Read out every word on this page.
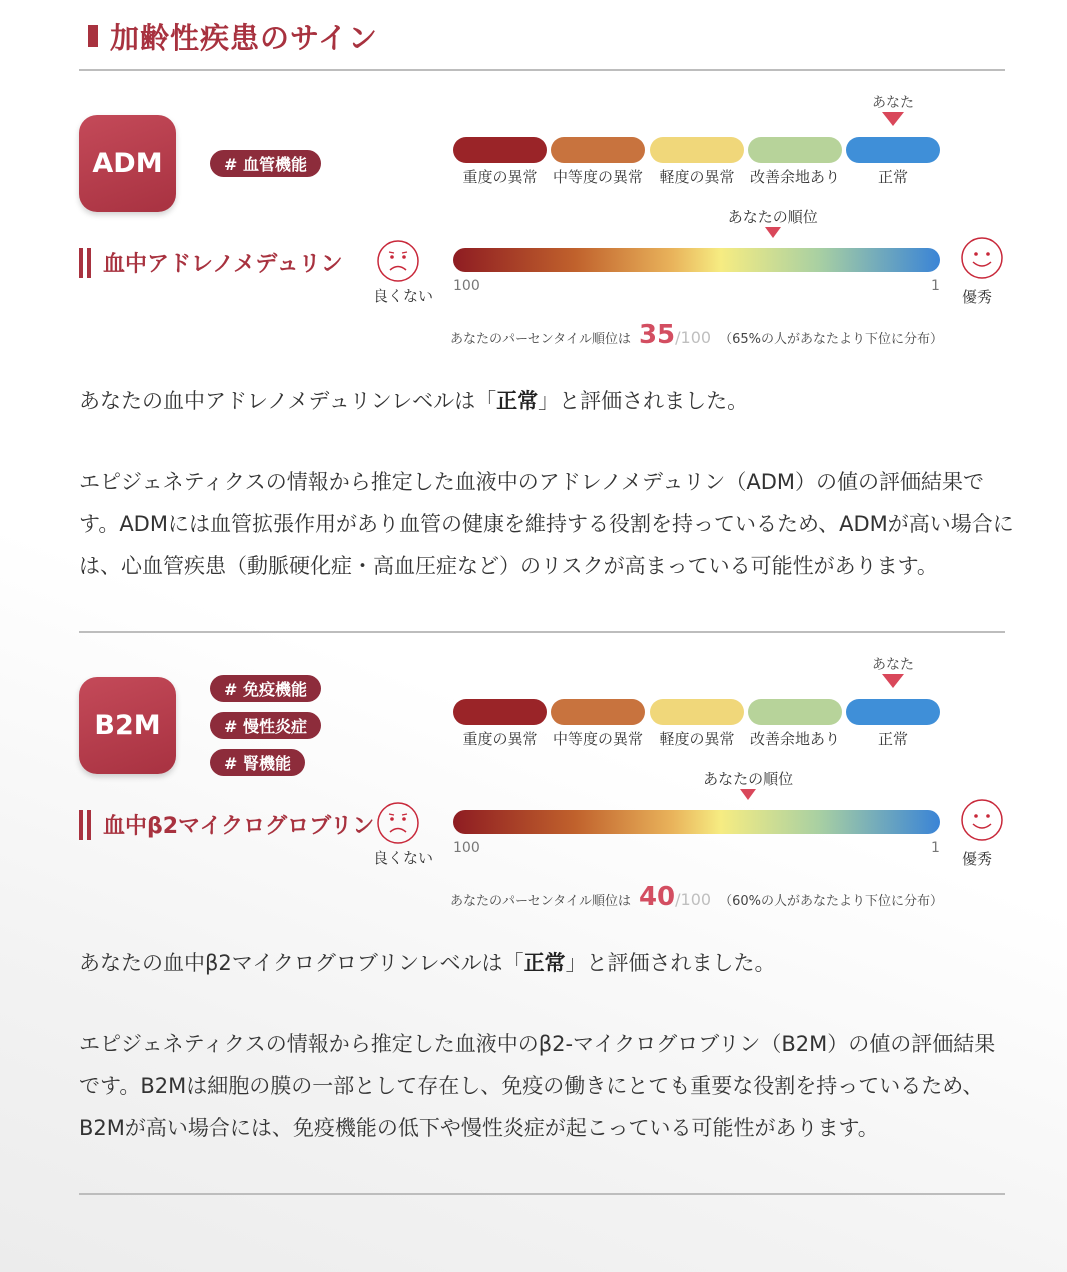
加齢性疾患のサイン
ADM	# 血管機能
血中アドレノメデュリン
あなた
重度の異常	中等度の異常	軽度の異常	改善余地あり	正常
あなたの順位
良くない	優秀
100	1
あなたのパーセンタイル順位は 35 /100 （65%の人があなたより下位に分布）
あなたの血中アドレノメデュリンレベルは「正常」と評価されました。
エピジェネティクスの情報から推定した血液中のアドレノメデュリン（ADM）の値の評価結果です。ADMには血管拡張作用があり血管の健康を維持する役割を持っているため、ADMが高い場合には、心血管疾患（動脈硬化症・高血圧症など）のリスクが高まっている可能性があります。
B2M
# 免疫機能
# 慢性炎症
# 腎機能
血中β2マイクログロブリン
あなた
重度の異常	中等度の異常	軽度の異常	改善余地あり	正常
あなたの順位
良くない	優秀
100	1
あなたのパーセンタイル順位は 40 /100 （60%の人があなたより下位に分布）
あなたの血中β2マイクログロブリンレベルは「正常」と評価されました。
エピジェネティクスの情報から推定した血液中のβ2-マイクログロブリン（B2M）の値の評価結果です。B2Mは細胞の膜の一部として存在し、免疫の働きにとても重要な役割を持っているため、B2Mが高い場合には、免疫機能の低下や慢性炎症が起こっている可能性があります。
